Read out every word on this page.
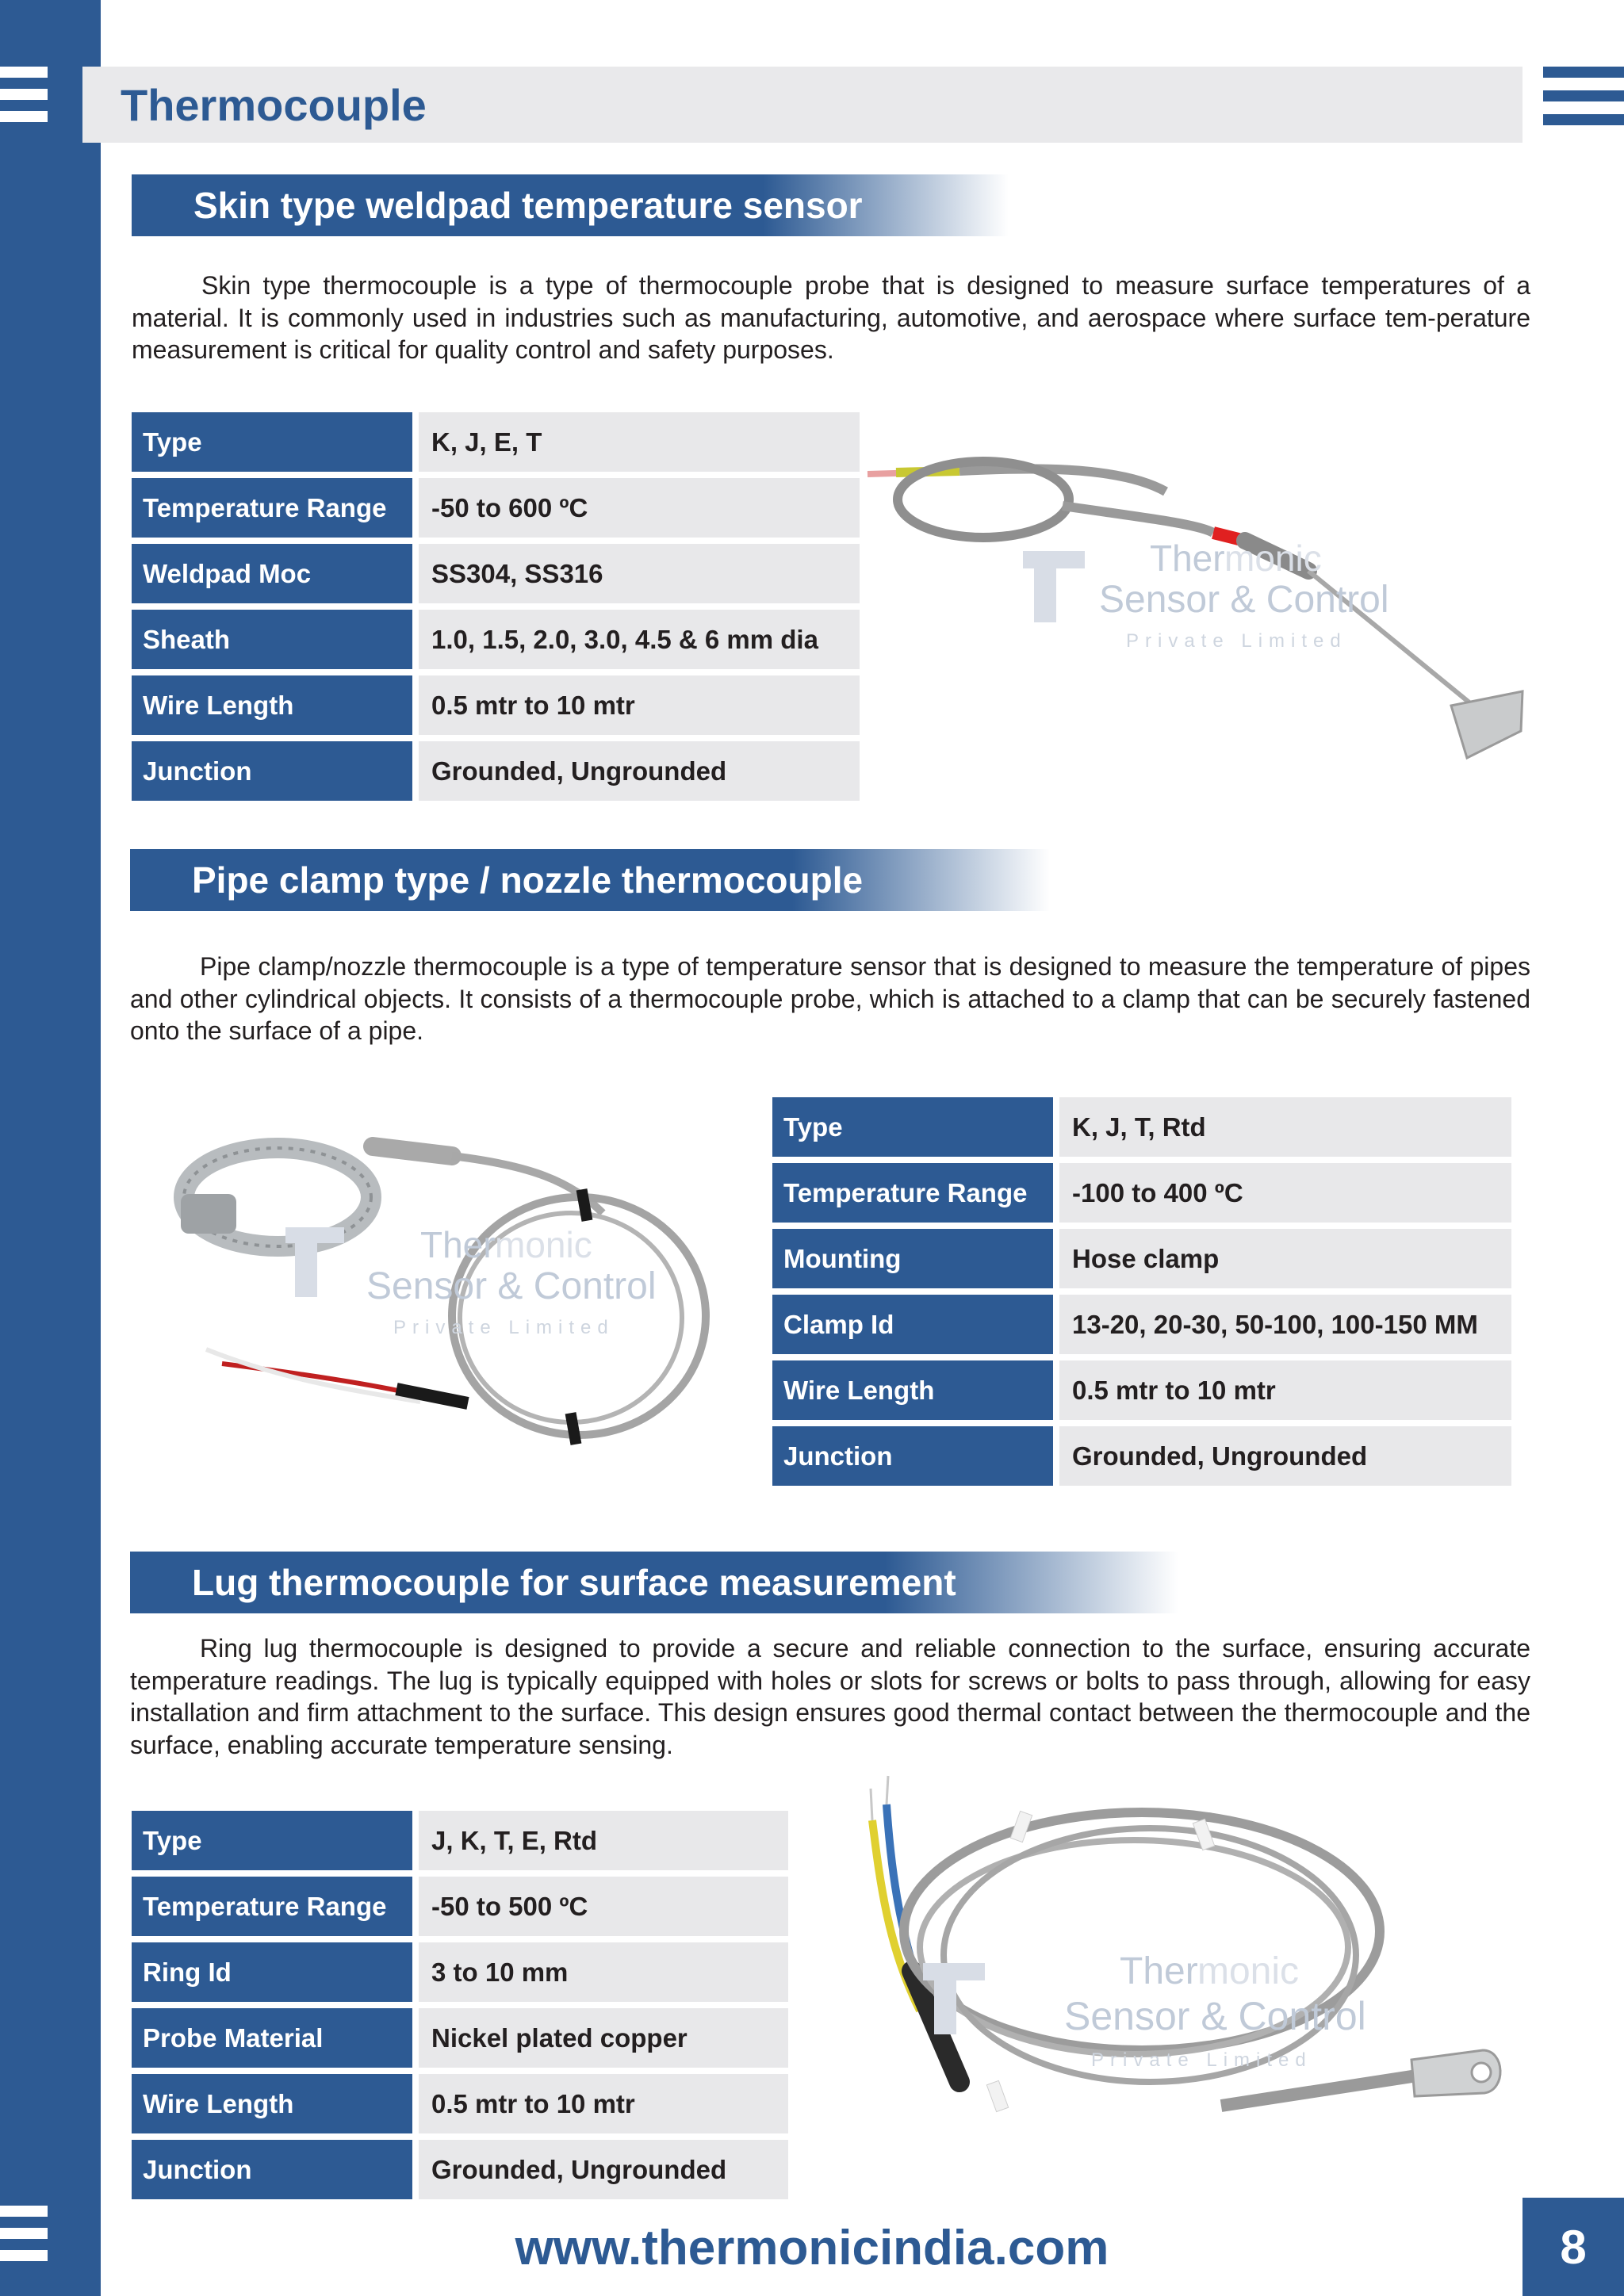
Thermocouple
Skin type weldpad temperature sensor

Skin type thermocouple is a type of thermocouple probe that is designed to measure surface temperatures of a material. It is commonly used in industries such as manufacturing, automotive, and aerospace where surface tem-perature measurement is critical for quality control and safety purposes.

Type	K, J, E, T
Temperature Range	-50 to 600 ºC
Weldpad Moc	SS304, SS316
Sheath	1.0, 1.5, 2.0, 3.0, 4.5 & 6 mm dia
Wire Length	0.5 mtr to 10 mtr
Junction	Grounded, Ungrounded
Ther monic
Sensor & Control
Private Limited
Pipe clamp type / nozzle thermocouple

Pipe clamp/nozzle thermocouple is a type of temperature sensor that is designed to measure the temperature of pipes and other cylindrical objects. It consists of a thermocouple probe, which is attached to a clamp that can be securely fastened onto the surface of a pipe.

Ther monic
Sensor & Control
Private Limited
Type	K, J, T, Rtd
Temperature Range	-100 to 400 ºC
Mounting	Hose clamp
Clamp Id	13-20, 20-30, 50-100, 100-150 MM
Wire Length	0.5 mtr to 10 mtr
Junction	Grounded, Ungrounded
Lug thermocouple for surface measurement

Ring lug thermocouple is designed to provide a secure and reliable connection to the surface, ensuring accurate temperature readings. The lug is typically equipped with holes or slots for screws or bolts to pass through, allowing for easy installation and firm attachment to the surface. This design ensures good thermal contact between the thermocouple and the surface, enabling accurate temperature sensing.

Type	J, K, T, E, Rtd
Temperature Range	-50 to 500 ºC
Ring Id	3 to 10 mm
Probe Material	Nickel plated copper
Wire Length	0.5 mtr to 10 mtr
Junction	Grounded, Ungrounded
Ther monic
Sensor & Control
Private Limited
www.thermonicindia.com	8
